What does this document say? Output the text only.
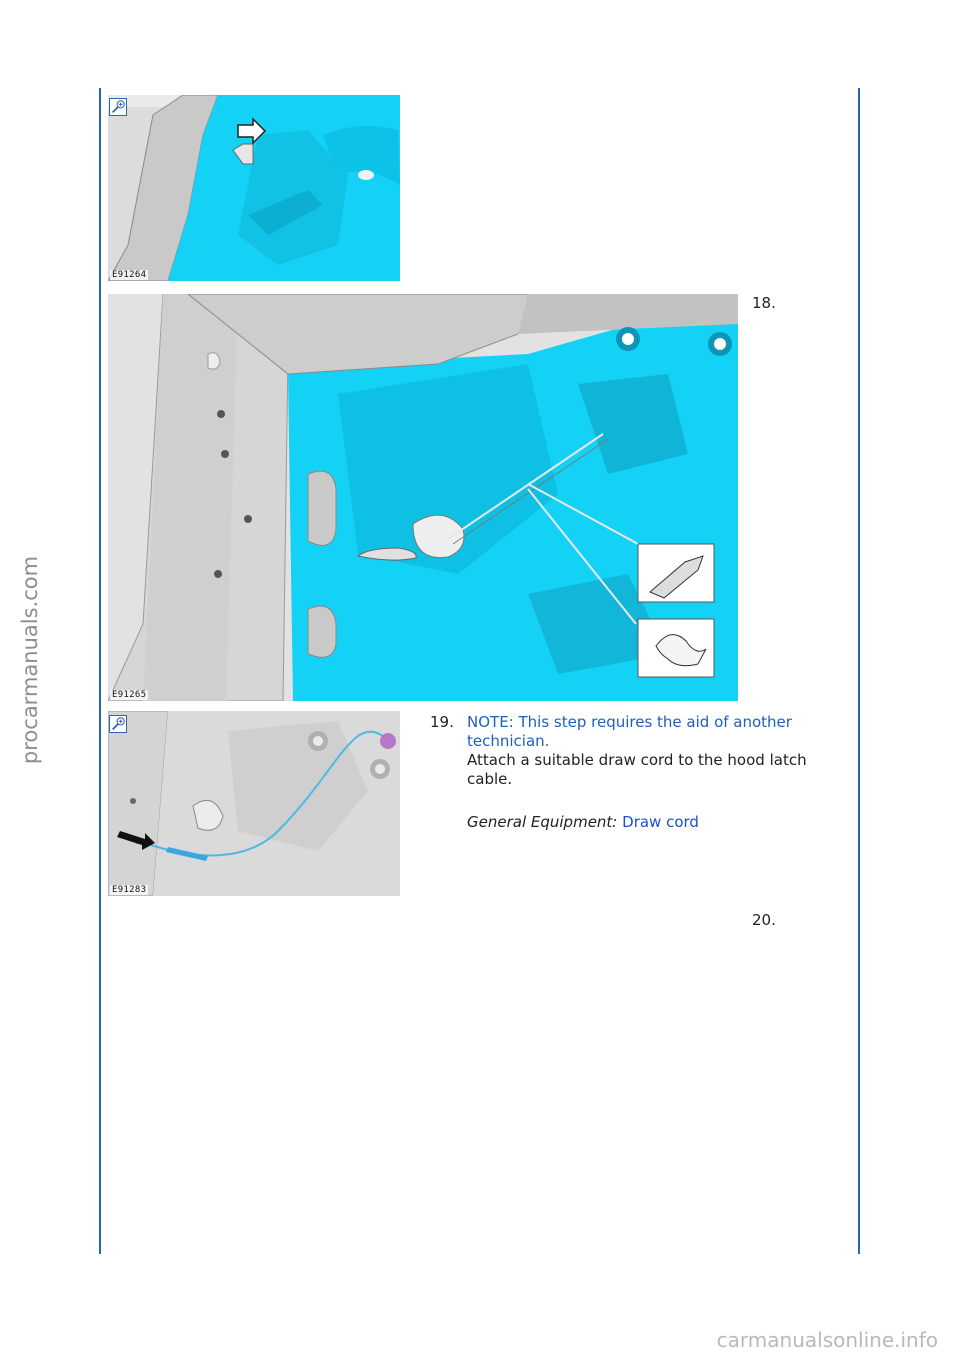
E91264
18.
E91265
E91283
19. NOTE: This step requires the aid of another technician.
Attach a suitable draw cord to the hood latch cable.
General Equipment: Draw cord
20.
procarmanuals.com
carmanualsonline.info
